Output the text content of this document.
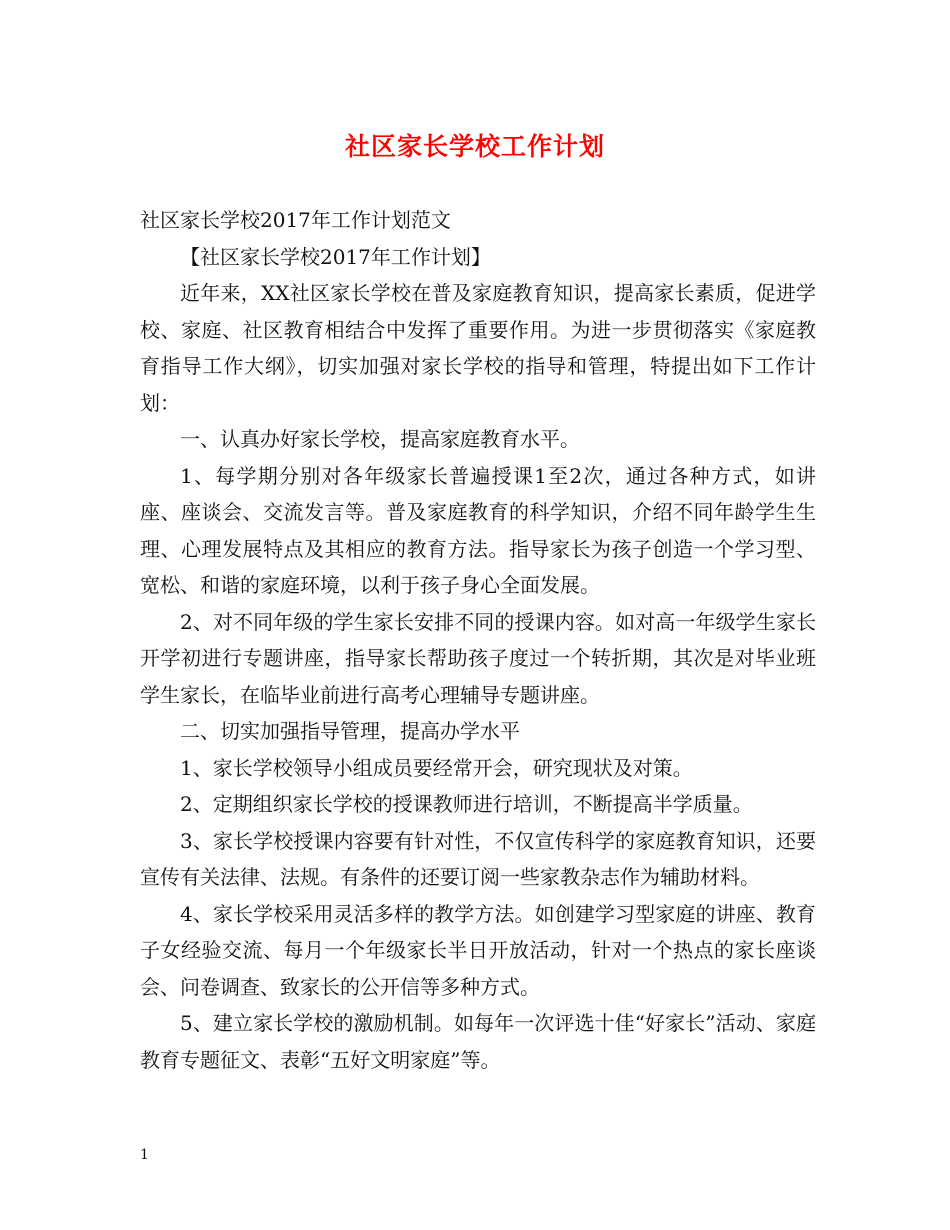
社区家长学校工作计划

社区家长学校2017年工作计划范文

【社区家长学校2017年工作计划】

近年来，XX社区家长学校在普及家庭教育知识，提高家长素质，促进学校、家庭、社区教育相结合中发挥了重要作用。为进一步贯彻落实《家庭教育指导工作大纲》，切实加强对家长学校的指导和管理，特提出如下工作计划：

一、认真办好家长学校，提高家庭教育水平。

1、每学期分别对各年级家长普遍授课1至2次，通过各种方式，如讲座、座谈会、交流发言等。普及家庭教育的科学知识，介绍不同年龄学生生理、心理发展特点及其相应的教育方法。指导家长为孩子创造一个学习型、宽松、和谐的家庭环境，以利于孩子身心全面发展。

2、对不同年级的学生家长安排不同的授课内容。如对高一年级学生家长开学初进行专题讲座，指导家长帮助孩子度过一个转折期，其次是对毕业班学生家长，在临毕业前进行高考心理辅导专题讲座。

二、切实加强指导管理，提高办学水平

1、家长学校领导小组成员要经常开会，研究现状及对策。

2、定期组织家长学校的授课教师进行培训，不断提高半学质量。

3、家长学校授课内容要有针对性，不仅宣传科学的家庭教育知识，还要宣传有关法律、法规。有条件的还要订阅一些家教杂志作为辅助材料。

4、家长学校采用灵活多样的教学方法。如创建学习型家庭的讲座、教育子女经验交流、每月一个年级家长半日开放活动，针对一个热点的家长座谈会、问卷调查、致家长的公开信等多种方式。

5、建立家长学校的激励机制。如每年一次评选十佳“好家长”活动、家庭教育专题征文、表彰“五好文明家庭”等。

1
